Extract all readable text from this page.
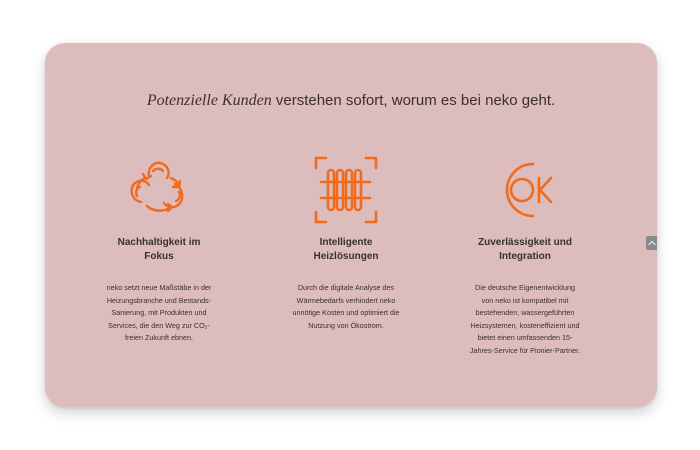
Potenzielle Kunden verstehen sofort, worum es bei neko geht.
Nachhaltigkeit im
Fokus
neko setzt neue Maßstäbe in der
Heizungsbranche und Bestands-
Sanierung, mit Produkten und
Services, die den Weg zur CO₂-
freien Zukunft ebnen.
Intelligente
Heizlösungen
Durch die digitale Analyse des
Wärmebedarfs verhindert neko
unnötige Kosten und optimiert die
Nutzung von Ökostrom.
Zuverlässigkeit und
Integration
Die deutsche Eigenentwicklung
von neko ist kompatibel mit
bestehenden, wassergeführten
Heizsystemen, kosteneffizient und
bietet einen umfassenden 15-
Jahres-Service für Pionier-Partner.
